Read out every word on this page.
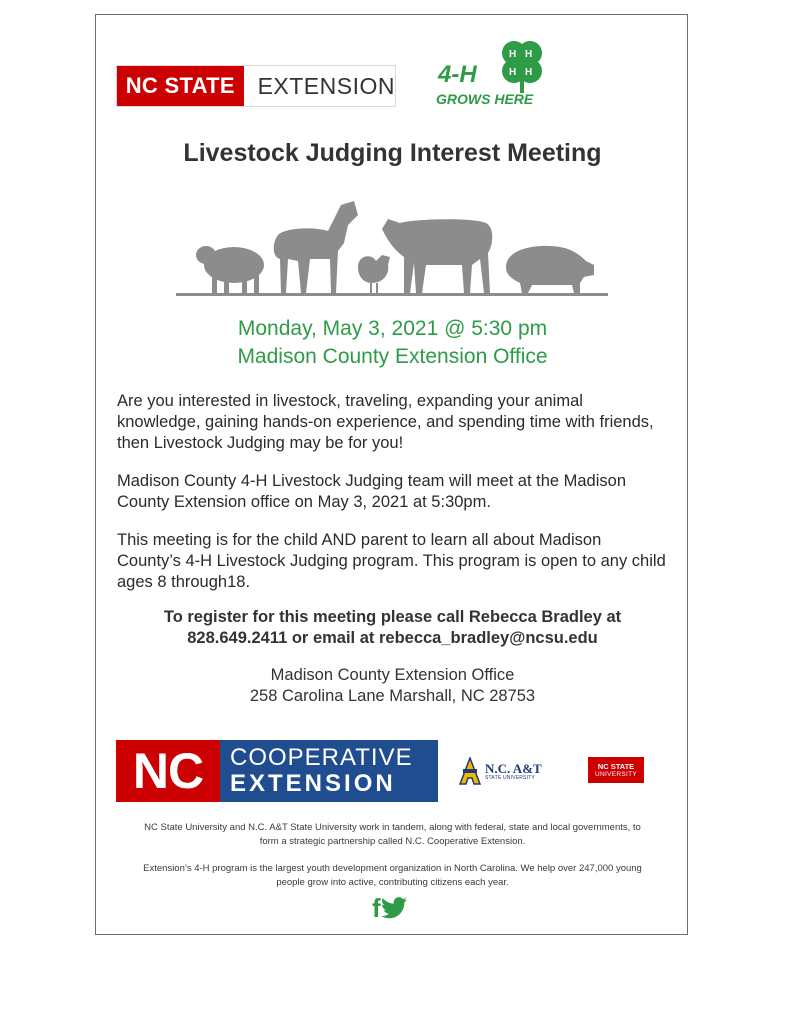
NC STATE EXTENSION
H H
H H
4-H
GROWS HERE
Livestock Judging Interest Meeting
Monday, May 3, 2021 @ 5:30 pm
Madison County Extension Office
Are you interested in livestock, traveling, expanding your animal knowledge, gaining hands-on experience, and spending time with friends, then Livestock Judging may be for you!
Madison County 4-H Livestock Judging team will meet at the Madison County Extension office on May 3, 2021 at 5:30pm.
This meeting is for the child AND parent to learn all about Madison County’s 4-H Livestock Judging program. This program is open to any child ages 8 through18.
To register for this meeting please call Rebecca Bradley at
828.649.2411 or email at rebecca_bradley@ncsu.edu
Madison County Extension Office
258 Carolina Lane Marshall, NC 28753
NC	COOPERATIVE
EXTENSION
N.C. A&T
STATE UNIVERSITY
NC STATE
UNIVERSITY
NC State University and N.C. A&T State University work in tandem, along with federal, state and local governments, to form a strategic partnership called N.C. Cooperative Extension.
Extension’s 4-H program is the largest youth development organization in North Carolina. We help over 247,000 young people grow into active, contributing citizens each year.
f
